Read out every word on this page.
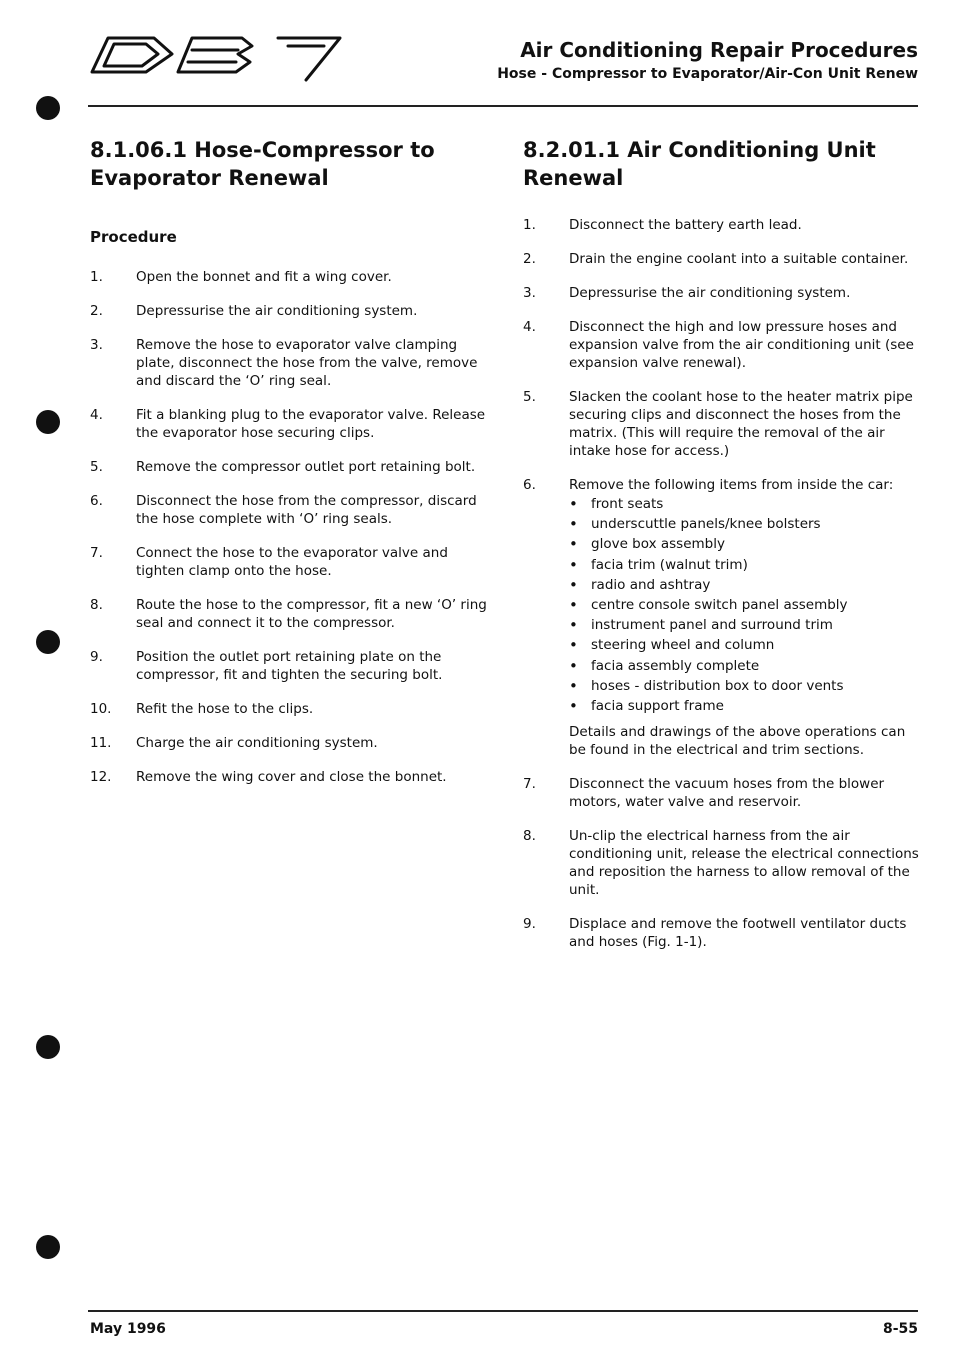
Air Conditioning Repair Procedures
Hose - Compressor to Evaporator/Air-Con Unit Renew
8.1.06.1 Hose-Compressor to Evaporator Renewal
Procedure
1.	Open the bonnet and fit a wing cover.
2.	Depressurise the air conditioning system.
3.	Remove the hose to evaporator valve clamping plate, disconnect the hose from the valve, remove and discard the ‘O’ ring seal.
4.	Fit a blanking plug to the evaporator valve. Release the evaporator hose securing clips.
5.	Remove the compressor outlet port retaining bolt.
6.	Disconnect the hose from the compressor, discard the hose complete with ‘O’ ring seals.
7.	Connect the hose to the evaporator valve and tighten clamp onto the hose.
8.	Route the hose to the compressor, fit a new ‘O’ ring seal and connect it to the compressor.
9.	Position the outlet port retaining plate on the compressor, fit and tighten the securing bolt.
10.	Refit the hose to the clips.
11.	Charge the air conditioning system.
12.	Remove the wing cover and close the bonnet.
8.2.01.1 Air Conditioning Unit Renewal
1.	Disconnect the battery earth lead.
2.	Drain the engine coolant into a suitable container.
3.	Depressurise the air conditioning system.
4.	Disconnect the high and low pressure hoses and expansion valve from the air conditioning unit (see expansion valve renewal).
5.	Slacken the coolant hose to the heater matrix pipe securing clips and disconnect the hoses from the matrix. (This will require the removal of the air intake hose for access.)
6.	Remove the following items from inside the car:
•
front seats
•
underscuttle panels/knee bolsters
•
glove box assembly
•
facia trim (walnut trim)
•
radio and ashtray
•
centre console switch panel assembly
•
instrument panel and surround trim
•
steering wheel and column
•
facia assembly complete
•
hoses - distribution box to door vents
•
facia support frame
Details and drawings of the above operations can be found in the electrical and trim sections.
7.	Disconnect the vacuum hoses from the blower motors, water valve and reservoir.
8.	Un-clip the electrical harness from the air conditioning unit, release the electrical connections and reposition the harness to allow removal of the unit.
9.	Displace and remove the footwell ventilator ducts and hoses (Fig. 1-1).
May 1996	8-55
